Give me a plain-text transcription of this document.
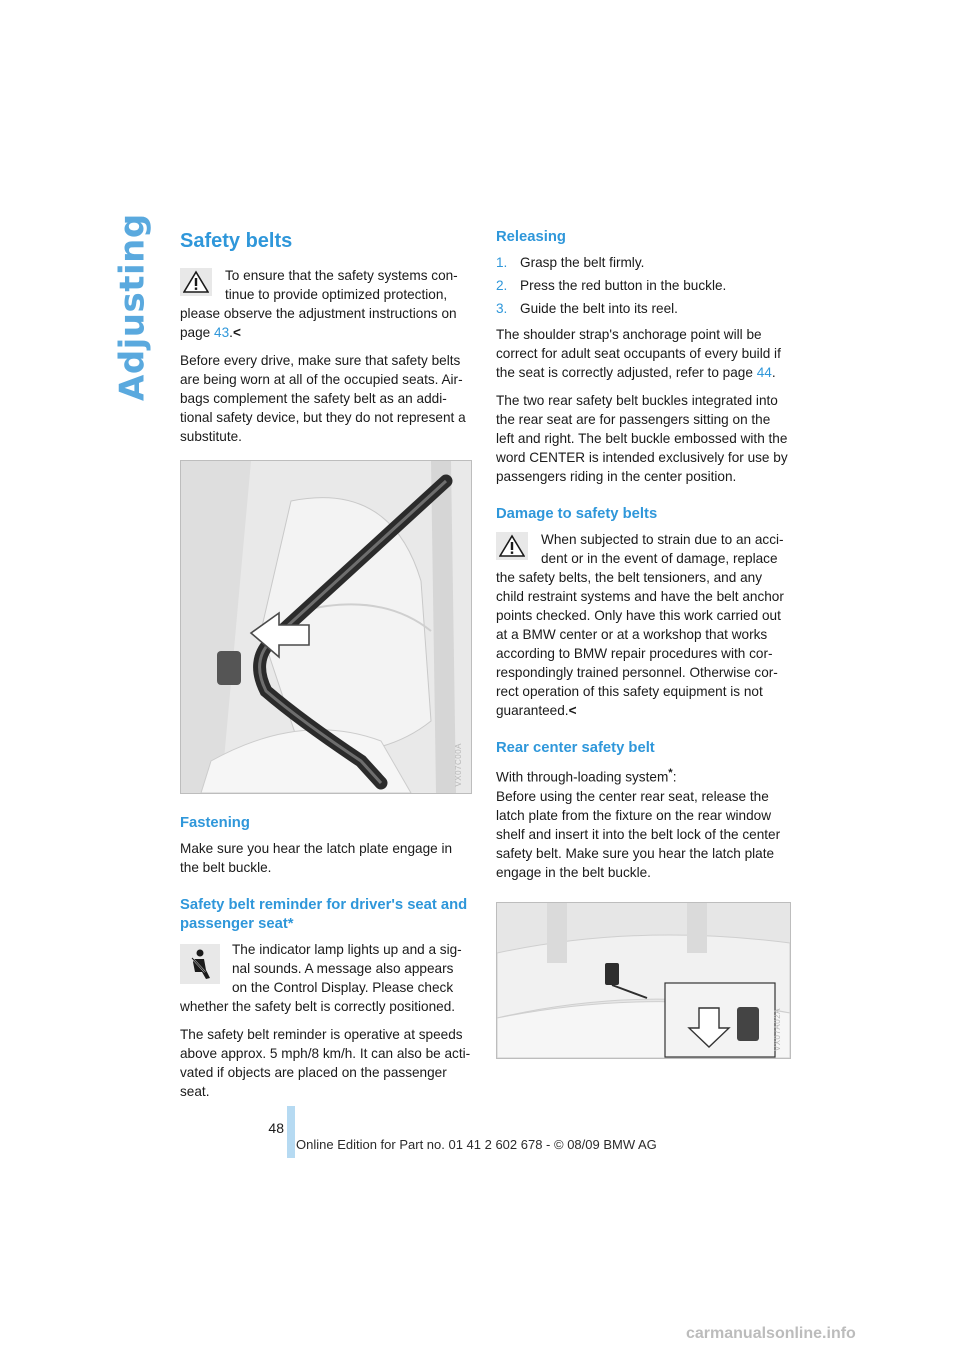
Adjusting Safety belts
To ensure that the safety systems con-tinue to provide optimized protection, please observe the adjustment instructions on page 43.<

Before every drive, make sure that safety belts are being worn at all of the occupied seats. Air-bags complement the safety belt as an addi-tional safety device, but they do not represent a substitute.

VX07C00A
Fastening

Make sure you hear the latch plate engage in the belt buckle.

Safety belt reminder for driver's seat and passenger seat*
The indicator lamp lights up and a sig-nal sounds. A message also appears on the Control Display. Please check whether the safety belt is correctly positioned.

The safety belt reminder is operative at speeds above approx. 5 mph/8 km/h. It can also be acti-vated if objects are placed on the passenger seat.

Releasing
1. Grasp the belt firmly.
2. Press the red button in the buckle.
3. Guide the belt into its reel.

The shoulder strap's anchorage point will be correct for adult seat occupants of every build if the seat is correctly adjusted, refer to page 44.

The two rear safety belt buckles integrated into the rear seat are for passengers sitting on the left and right. The belt buckle embossed with the word CENTER is intended exclusively for use by passengers riding in the center position.

Damage to safety belts
When subjected to strain due to an acci-dent or in the event of damage, replace the safety belts, the belt tensioners, and any child restraint systems and have the belt anchor points checked. Only have this work carried out at a BMW center or at a workshop that works according to BMW repair procedures with cor-respondingly trained personnel. Otherwise cor-rect operation of this safety equipment is not guaranteed.<
Rear center safety belt

With through-loading system*:
Before using the center rear seat, release the latch plate from the fixture on the rear window shelf and insert it into the belt lock of the center safety belt. Make sure you hear the latch plate engage in the belt buckle.

VX07A02A
48
Online Edition for Part no. 01 41 2 602 678 - © 08/09 BMW AG
carmanualsonline.info
